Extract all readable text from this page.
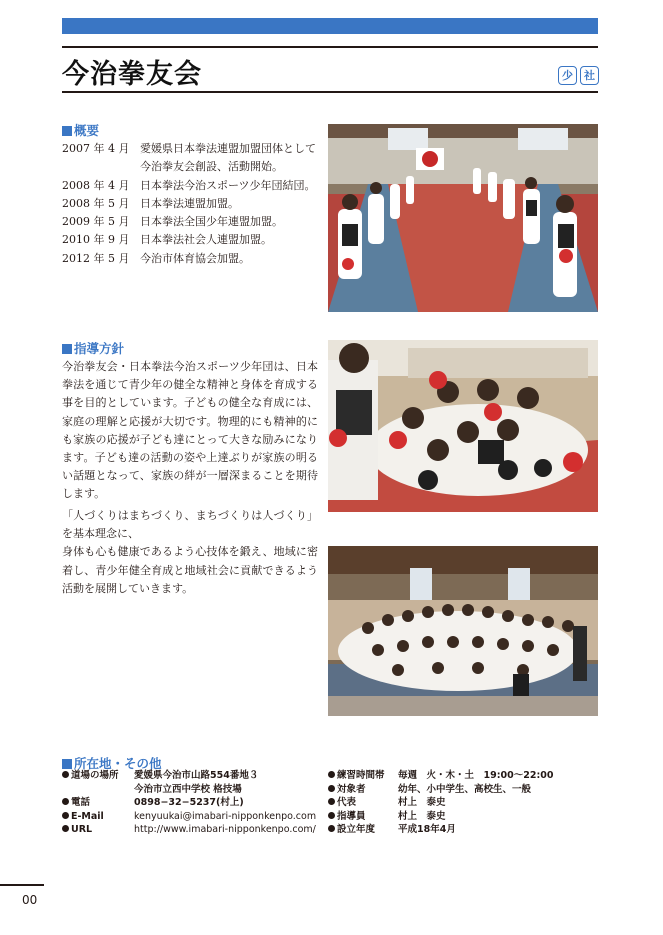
今治拳友会	少	社
概要
2007 年 4 月 愛媛県日本拳法連盟加盟団体として今治拳友会創設、活動開始。
2008 年 4 月 日本拳法今治スポーツ少年団結団。
2008 年 5 月 日本拳法連盟加盟。
2009 年 5 月 日本拳法全国少年連盟加盟。
2010 年 9 月 日本拳法社会人連盟加盟。
2012 年 5 月 今治市体育協会加盟。
指導方針
今治拳友会・日本拳法今治スポーツ少年団は、日本拳法を通じて青少年の健全な精神と身体を育成する事を目的としています。子どもの健全な育成には、家庭の理解と応援が大切です。物理的にも精神的にも家族の応援が子ども達にとって大きな励みになります。子ども達の活動の姿や上達ぶりが家族の明るい話題となって、家族の絆が一層深まることを期待します。
「人づくりはまちづくり、まちづくりは人づくり」を基本理念に、
身体も心も健康であるよう心技体を鍛え、地域に密着し、青少年健全育成と地域社会に貢献できるよう活動を展開していきます。
所在地・その他
道場の場所	愛媛県今治市山路554番地３
今治市立西中学校 格技場
電話	0898−32−5237(村上)
E-Mail	kenyuukai@imabari-nipponkenpo.com
URL	http://www.imabari-nipponkenpo.com/
練習時間帯	毎週　火・木・土　19:00〜22:00
対象者	幼年、小中学生、高校生、一般
代表	村上　泰史
指導員	村上　泰史
設立年度	平成18年4月
00
